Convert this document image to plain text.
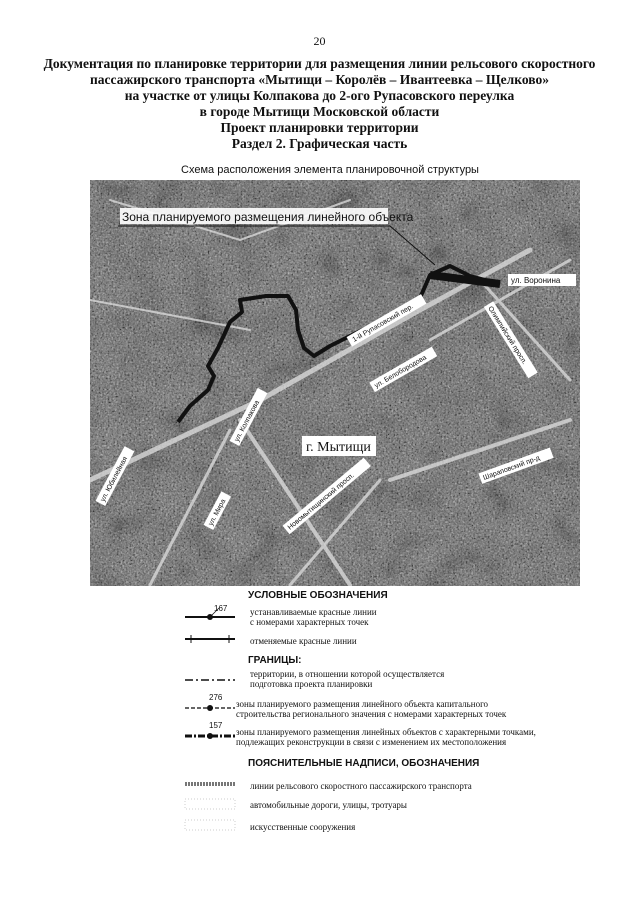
20
Документация по планировке территории для размещения линии рельсового скоростного
пассажирского транспорта «Мытищи – Королёв – Ивантеевка – Щелково»
на участке от улицы Колпакова до 2-ого Рупасовского переулка
в городе Мытищи Московской области
Проект планировки территории
Раздел 2. Графическая часть
Схема расположения элемента планировочной структуры
Зона планируемого размещения линейного объекта
ул. Воронина
1-й Рупасовский пер.	Олимпийский просп.
ул. Белобородова
г. Мытищи
Шараповский пр-д
ул. Юбилейная
ул. Колпакова
ул. Мира	Новомытищинский просп.
УСЛОВНЫЕ ОБОЗНАЧЕНИЯ
167	устанавливаемые красные линии
с номерами характерных точек
отменяемые красные линии
ГРАНИЦЫ:
территории, в отношении которой осуществляется
подготовка проекта планировки
276
зоны планируемого размещения линейного объекта капитального
строительства регионального значения с номерами характерных точек
157
зоны планируемого размещения линейных объектов с характерными точками,
подлежащих реконструкции в связи с изменением их местоположения
ПОЯСНИТЕЛЬНЫЕ НАДПИСИ, ОБОЗНАЧЕНИЯ
линии рельсового скоростного пассажирского транспорта
автомобильные дороги, улицы, тротуары
искусственные сооружения
